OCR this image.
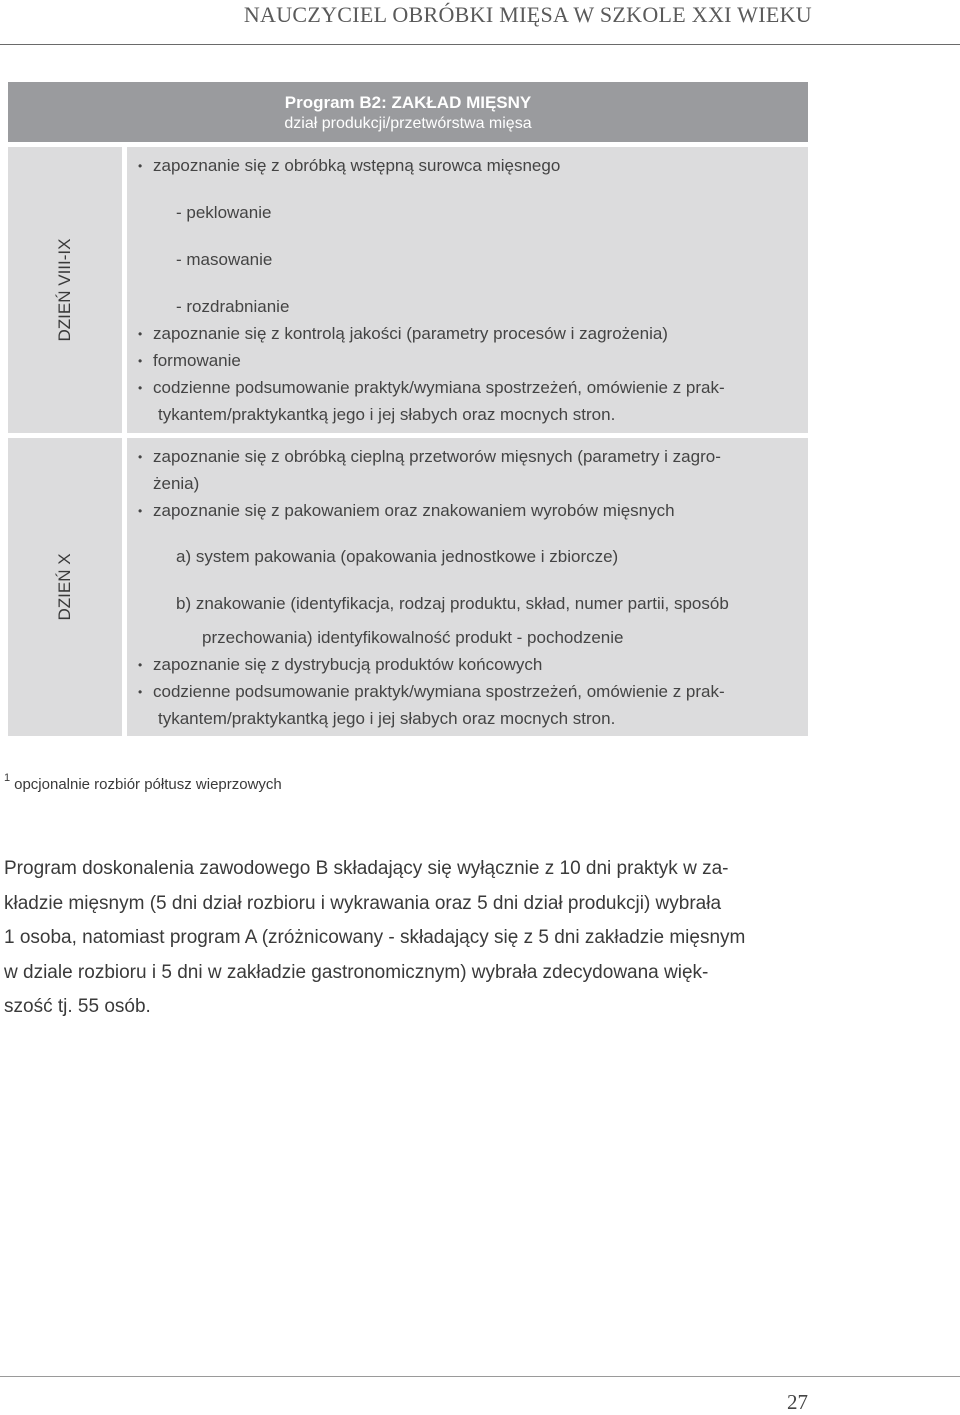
NAUCZYCIEL OBRÓBKI MIĘSA W SZKOLE XXI WIEKU
Program B2: ZAKŁAD MIĘSNY
dział produkcji/przetwórstwa mięsa
DZIEŃ VIII-IX
• zapoznanie się z obróbką wstępną surowca mięsnego
- peklowanie
- masowanie
- rozdrabnianie
• zapoznanie się z kontrolą jakości (parametry procesów i zagrożenia)
• formowanie
• codzienne podsumowanie praktyk/wymiana spostrzeżeń, omówienie z prak-
tykantem/praktykantką jego i jej słabych oraz mocnych stron.
DZIEŃ X
• zapoznanie się z obróbką cieplną przetworów mięsnych (parametry i zagro-
żenia)
• zapoznanie się z pakowaniem oraz znakowaniem wyrobów mięsnych
a) system pakowania (opakowania jednostkowe i zbiorcze)
b) znakowanie (identyfikacja, rodzaj produktu, skład, numer partii, sposób
przechowania) identyfikowalność produkt - pochodzenie
• zapoznanie się z dystrybucją produktów końcowych
• codzienne podsumowanie praktyk/wymiana spostrzeżeń, omówienie z prak-
tykantem/praktykantką jego i jej słabych oraz mocnych stron.
$^1$ opcjonalnie rozbiór półtusz wieprzowych
Program doskonalenia zawodowego B składający się wyłącznie z 10 dni praktyk w za-
kładzie mięsnym (5 dni dział rozbioru i wykrawania oraz 5 dni dział produkcji) wybrała
1 osoba, natomiast program A (zróżnicowany - składający się z 5 dni zakładzie mięsnym
w dziale rozbioru i 5 dni w zakładzie gastronomicznym) wybrała zdecydowana więk-
szość tj. 55 osób.
27
